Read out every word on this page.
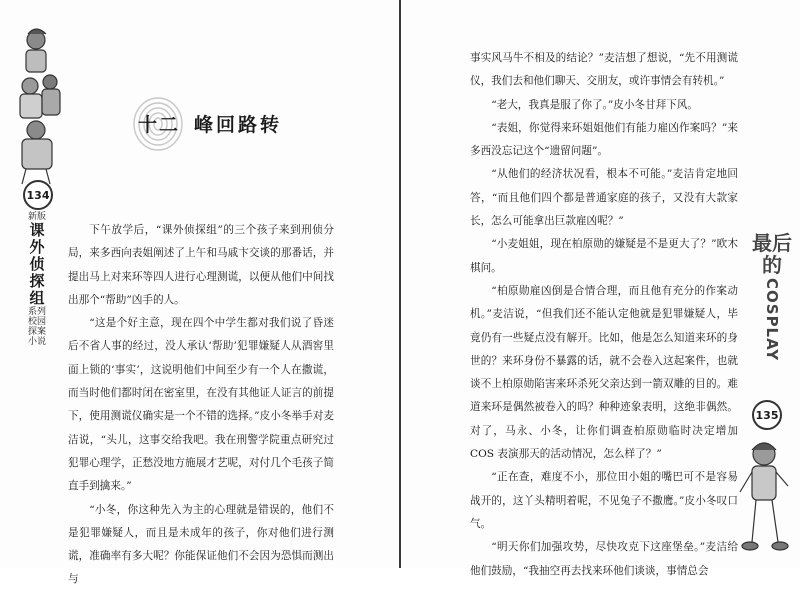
134
新版
课外侦探组
系列校园探案小说
十二 峰回路转

下午放学后，“课外侦探组”的三个孩子来到刑侦分局，来多西向表姐阐述了上午和马戚卞交谈的那番话，并提出马上对来环等四人进行心理测谎，以便从他们中间找出那个“帮助”凶手的人。

“这是个好主意，现在四个中学生都对我们说了昏迷后不省人事的经过，没人承认‘帮助’犯罪嫌疑人从酒窖里面上锁的‘事实’，这说明他们中间至少有一个人在撒谎，而当时他们都时闭在密室里，在没有其他证人证言的前提下，使用测谎仪确实是一个不错的选择。”皮小冬举手对麦洁说，“头儿，这事交给我吧。我在刑警学院重点研究过犯罪心理学，正愁没地方施展才艺呢，对付几个毛孩子简直手到擒来。”

“小冬，你这种先入为主的心理就是错误的，他们不是犯罪嫌疑人，而且是未成年的孩子，你对他们进行测谎，准确率有多大呢？你能保证他们不会因为恐惧而测出与

事实风马牛不相及的结论？”麦洁想了想说，“先不用测谎仪，我们去和他们聊天、交朋友，或许事情会有转机。”

“老大，我真是服了你了。”皮小冬甘拜下风。

“表姐，你觉得来环姐姐他们有能力雇凶作案吗？”来多西没忘记这个“遗留问题”。

“从他们的经济状况看，根本不可能。”麦洁肯定地回答，“而且他们四个都是普通家庭的孩子，又没有大款家长，怎么可能拿出巨款雇凶呢？”

“小麦姐姐，现在柏原勋的嫌疑是不是更大了？”欧木棋问。

“柏原勋雇凶倒是合情合理，而且他有充分的作案动机。”麦洁说，“但我们还不能认定他就是犯罪嫌疑人，毕竟仍有一些疑点没有解开。比如，他是怎么知道来环的身世的？来环身份不暴露的话，就不会卷入这起案件，也就谈不上柏原勋陷害来环杀死父亲达到一箭双雕的目的。难道来环是偶然被卷入的吗？种种迹象表明，这绝非偶然。对了，马永、小冬，让你们调查柏原勋临时决定增加 COS 表演那天的活动情况，怎么样了？”

“正在查，难度不小，那位田小姐的嘴巴可不是容易战开的，这丫头精明着呢，不见兔子不撒鹰。”皮小冬叹口气。

“明天你们加强攻势，尽快攻克下这座堡垒。”麦洁给他们鼓励，“我抽空再去找来环他们谈谈，事情总会

最后的
COSPLAY
135
